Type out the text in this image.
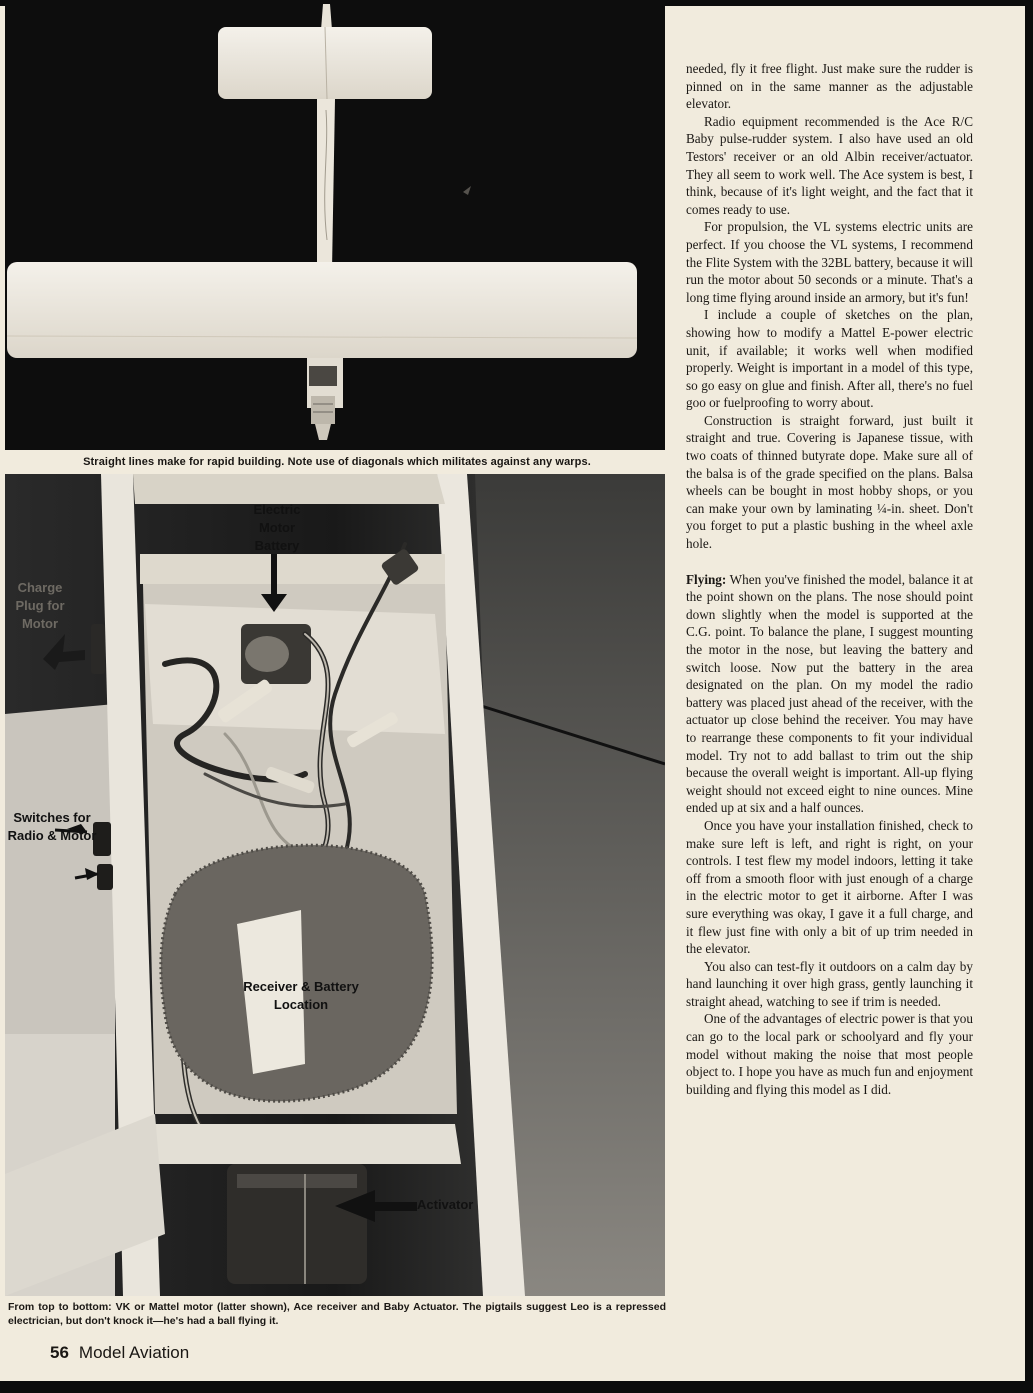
Straight lines make for rapid building. Note use of diagonals which militates against any warps.
Electric Motor Battery
Charge Plug for Motor
Switches for Radio & Motor
Receiver & Battery Location
Activator
From top to bottom: VK or Mattel motor (latter shown), Ace receiver and Baby Actuator. The pigtails suggest Leo is a repressed electrician, but don't knock it—he's had a ball flying it.
56 Model Aviation

needed, fly it free flight. Just make sure the rudder is pinned on in the same manner as the adjustable elevator.

Radio equipment recommended is the Ace R/C Baby pulse-rudder system. I also have used an old Testors' receiver or an old Albin receiver/actuator. They all seem to work well. The Ace system is best, I think, because of it's light weight, and the fact that it comes ready to use.

For propulsion, the VL systems electric units are perfect. If you choose the VL systems, I recommend the Flite System with the 32BL battery, because it will run the motor about 50 seconds or a minute. That's a long time flying around inside an armory, but it's fun!

I include a couple of sketches on the plan, showing how to modify a Mattel E-power electric unit, if available; it works well when modified properly. Weight is important in a model of this type, so go easy on glue and finish. After all, there's no fuel goo or fuelproofing to worry about.

Construction is straight forward, just built it straight and true. Covering is Japanese tissue, with two coats of thinned butyrate dope. Make sure all of the balsa is of the grade specified on the plans. Balsa wheels can be bought in most hobby shops, or you can make your own by laminating ¼-in. sheet. Don't you forget to put a plastic bushing in the wheel axle hole.

Flying: When you've finished the model, balance it at the point shown on the plans. The nose should point down slightly when the model is supported at the C.G. point. To balance the plane, I suggest mounting the motor in the nose, but leaving the battery and switch loose. Now put the battery in the area designated on the plan. On my model the radio battery was placed just ahead of the receiver, with the actuator up close behind the receiver. You may have to rearrange these components to fit your individual model. Try not to add ballast to trim out the ship because the overall weight is important. All-up flying weight should not exceed eight to nine ounces. Mine ended up at six and a half ounces.

Once you have your installation finished, check to make sure left is left, and right is right, on your controls. I test flew my model indoors, letting it take off from a smooth floor with just enough of a charge in the electric motor to get it airborne. After I was sure everything was okay, I gave it a full charge, and it flew just fine with only a bit of up trim needed in the elevator.

You also can test-fly it outdoors on a calm day by hand launching it over high grass, gently launching it straight ahead, watching to see if trim is needed.

One of the advantages of electric power is that you can go to the local park or schoolyard and fly your model without making the noise that most people object to. I hope you have as much fun and enjoyment building and flying this model as I did.
